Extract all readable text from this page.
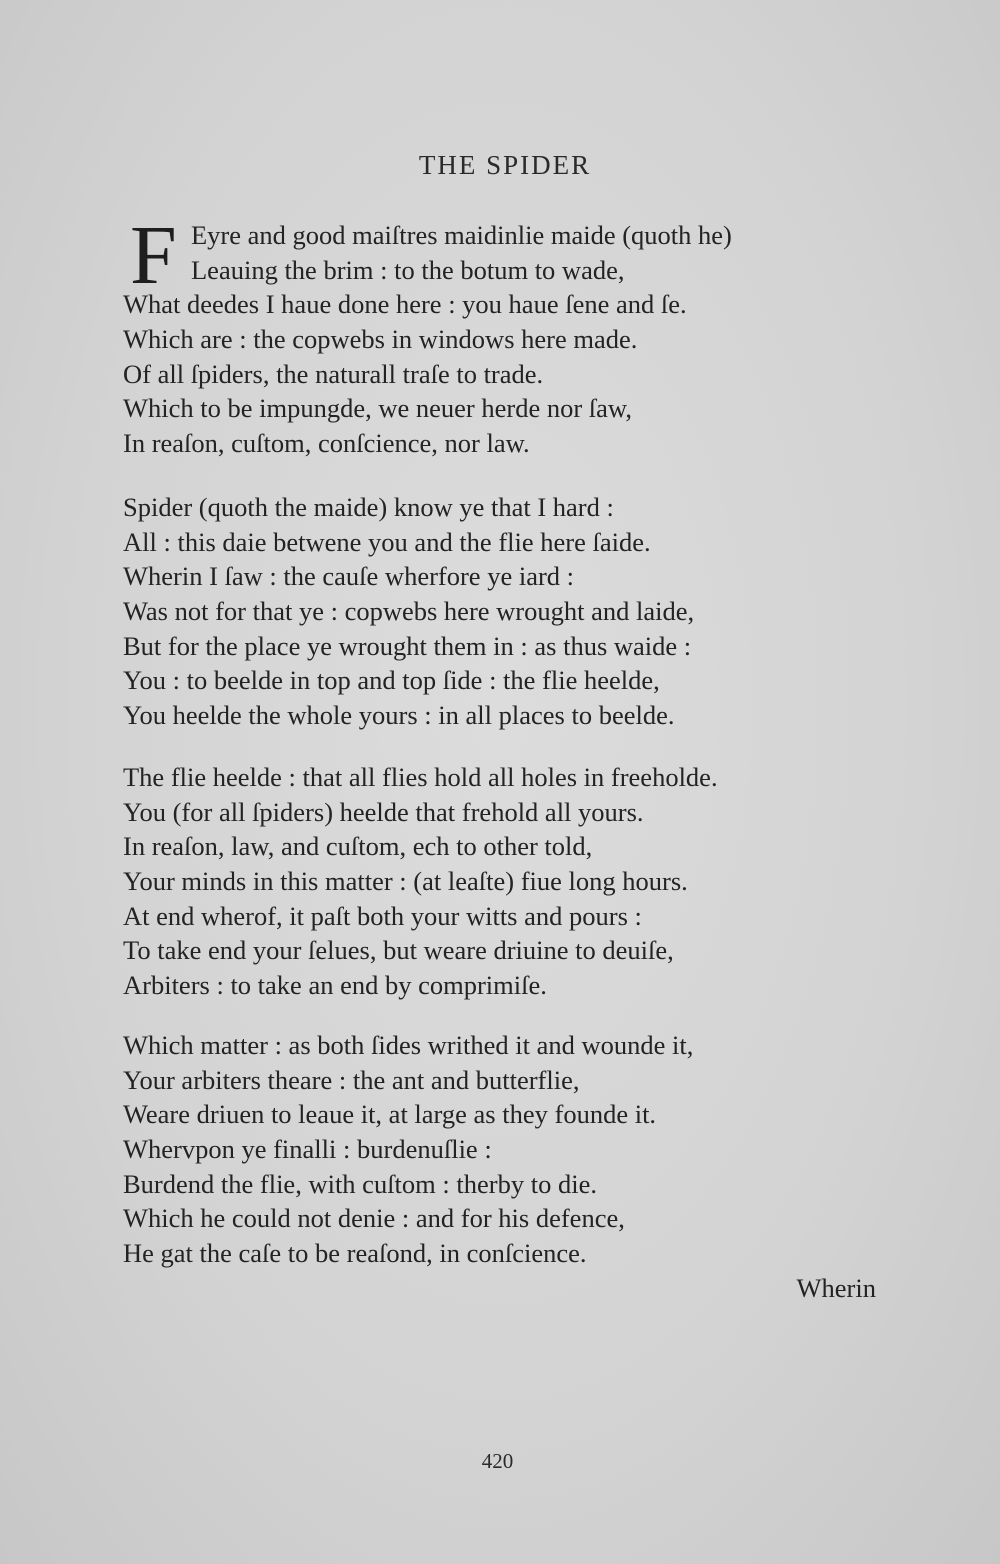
THE SPIDER
F Eyre and good maiſtres maidinlie maide (quoth he)
Leauing the brim : to the botum to wade,
What deedes I haue done here : you haue ſene and ſe.
Which are : the copwebs in windows here made.
Of all ſpiders, the naturall traſe to trade.
Which to be impungde, we neuer herde nor ſaw,
In reaſon, cuſtom, conſcience, nor law.
Spider (quoth the maide) know ye that I hard :
All : this daie betwene you and the flie here ſaide.
Wherin I ſaw : the cauſe wherfore ye iard :
Was not for that ye : copwebs here wrought and laide,
But for the place ye wrought them in : as thus waide :
You : to beelde in top and top ſide : the flie heelde,
You heelde the whole yours : in all places to beelde.
The flie heelde : that all flies hold all holes in freeholde.
You (for all ſpiders) heelde that frehold all yours.
In reaſon, law, and cuſtom, ech to other told,
Your minds in this matter : (at leaſte) fiue long hours.
At end wherof, it paſt both your witts and pours :
To take end your ſelues, but weare driuine to deuiſe,
Arbiters : to take an end by comprimiſe.
Which matter : as both ſides writhed it and wounde it,
Your arbiters theare : the ant and butterflie,
Weare driuen to leaue it, at large as they founde it.
Whervpon ye finalli : burdenuſlie :
Burdend the flie, with cuſtom : therby to die.
Which he could not denie : and for his defence,
He gat the caſe to be reaſond, in conſcience.
Wherin
420
